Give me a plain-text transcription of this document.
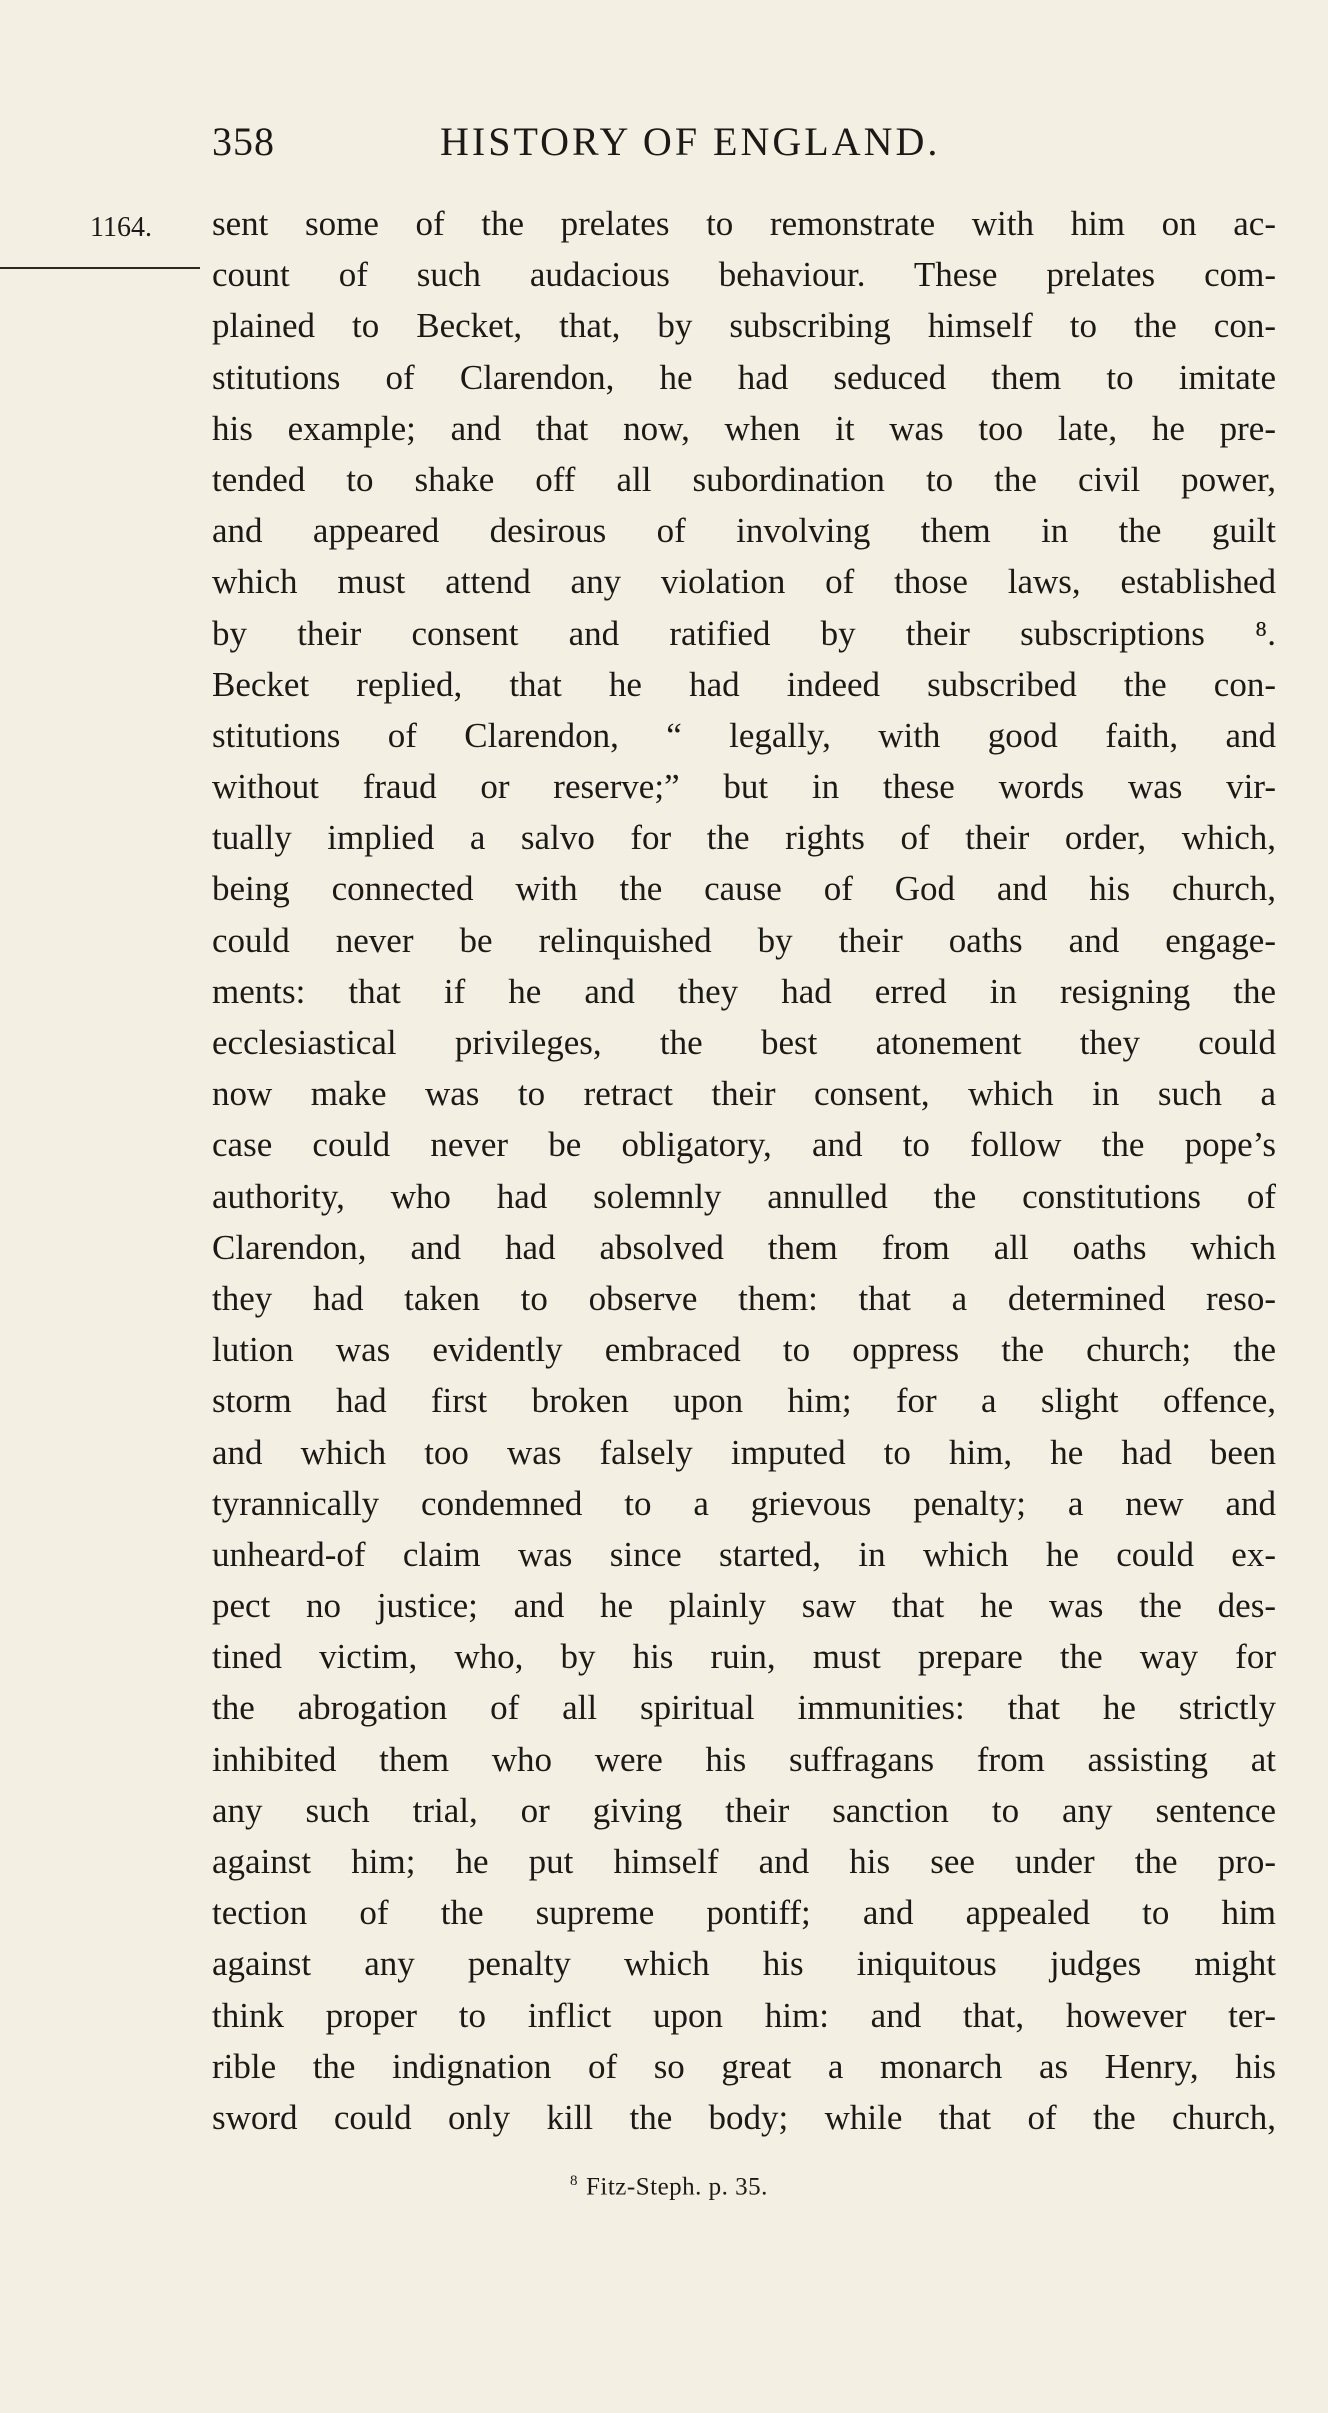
358	HISTORY OF ENGLAND.
1164. sent some of the prelates to remonstrate with him on ac-
count of such audacious behaviour. These prelates com-
plained to Becket, that, by subscribing himself to the con-
stitutions of Clarendon, he had seduced them to imitate
his example; and that now, when it was too late, he pre-
tended to shake off all subordination to the civil power,
and appeared desirous of involving them in the guilt
which must attend any violation of those laws, established
by their consent and ratified by their subscriptions ⁸.
Becket replied, that he had indeed subscribed the con-
stitutions of Clarendon, “ legally, with good faith, and
without fraud or reserve;” but in these words was vir-
tually implied a salvo for the rights of their order, which,
being connected with the cause of God and his church,
could never be relinquished by their oaths and engage-
ments: that if he and they had erred in resigning the
ecclesiastical privileges, the best atonement they could
now make was to retract their consent, which in such a
case could never be obligatory, and to follow the pope’s
authority, who had solemnly annulled the constitutions of
Clarendon, and had absolved them from all oaths which
they had taken to observe them: that a determined reso-
lution was evidently embraced to oppress the church; the
storm had first broken upon him; for a slight offence,
and which too was falsely imputed to him, he had been
tyrannically condemned to a grievous penalty; a new and
unheard-of claim was since started, in which he could ex-
pect no justice; and he plainly saw that he was the des-
tined victim, who, by his ruin, must prepare the way for
the abrogation of all spiritual immunities: that he strictly
inhibited them who were his suffragans from assisting at
any such trial, or giving their sanction to any sentence
against him; he put himself and his see under the pro-
tection of the supreme pontiff; and appealed to him
against any penalty which his iniquitous judges might
think proper to inflict upon him: and that, however ter-
rible the indignation of so great a monarch as Henry, his
sword could only kill the body; while that of the church,
$^8$ Fitz-Steph. p. 35.
